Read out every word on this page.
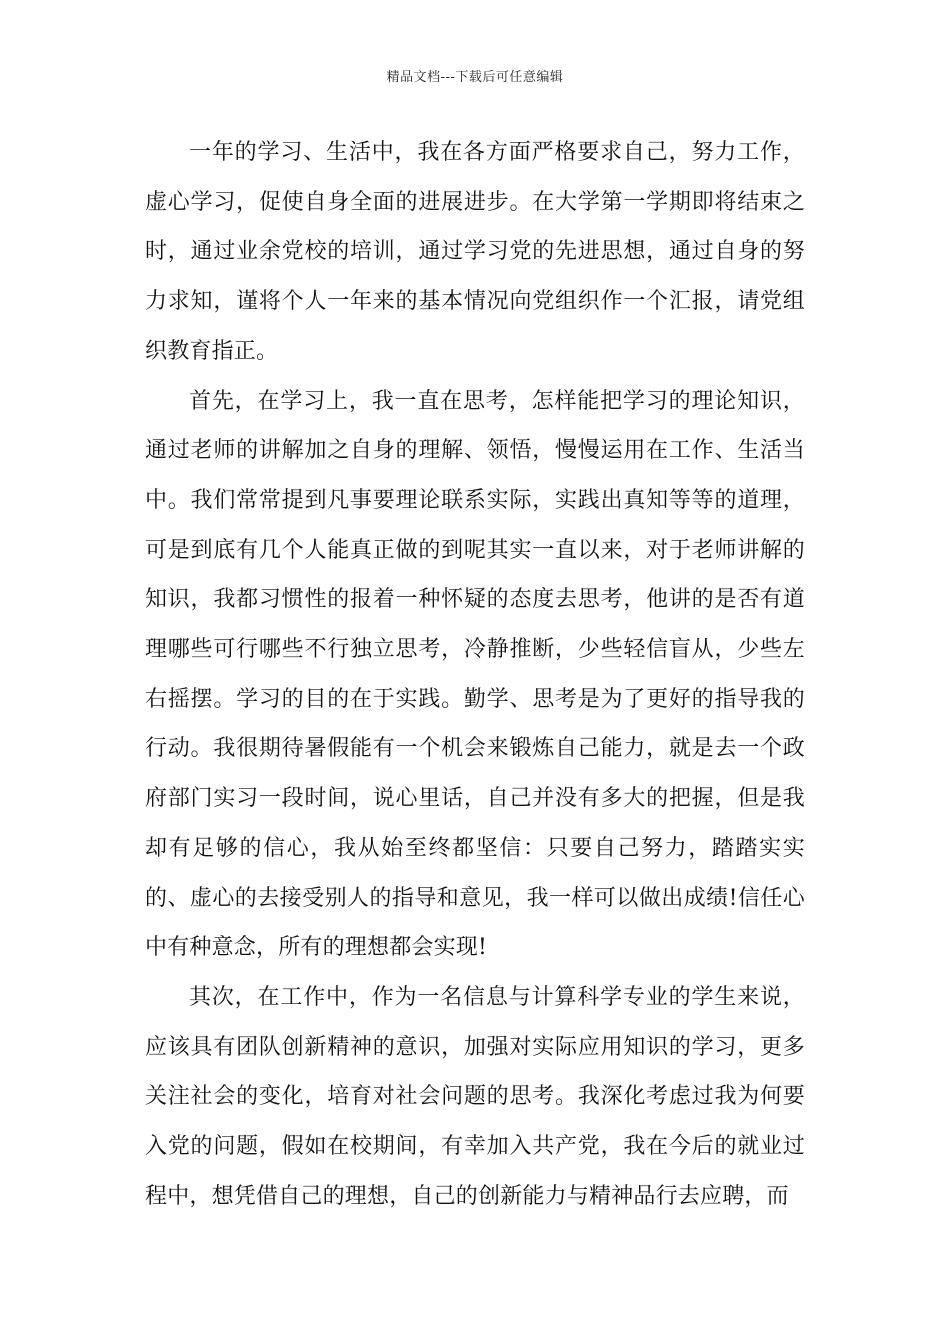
精品文档---下载后可任意编辑

一年的学习、生活中，我在各方面严格要求自己，努力工作，虚心学习，促使自身全面的进展进步。在大学第一学期即将结束之时，通过业余党校的培训，通过学习党的先进思想，通过自身的努力求知，谨将个人一年来的基本情况向党组织作一个汇报，请党组织教育指正。

首先，在学习上，我一直在思考，怎样能把学习的理论知识，通过老师的讲解加之自身的理解、领悟，慢慢运用在工作、生活当中。我们常常提到凡事要理论联系实际，实践出真知等等的道理，可是到底有几个人能真正做的到呢其实一直以来，对于老师讲解的知识，我都习惯性的报着一种怀疑的态度去思考，他讲的是否有道理哪些可行哪些不行独立思考，冷静推断，少些轻信盲从，少些左右摇摆。学习的目的在于实践。勤学、思考是为了更好的指导我的行动。我很期待暑假能有一个机会来锻炼自己能力，就是去一个政府部门实习一段时间，说心里话，自己并没有多大的把握，但是我却有足够的信心，我从始至终都坚信：只要自己努力，踏踏实实的、虚心的去接受别人的指导和意见，我一样可以做出成绩!信任心中有种意念，所有的理想都会实现!

其次，在工作中，作为一名信息与计算科学专业的学生来说，应该具有团队创新精神的意识，加强对实际应用知识的学习，更多关注社会的变化，培育对社会问题的思考。我深化考虑过我为何要入党的问题，假如在校期间，有幸加入共产党，我在今后的就业过程中，想凭借自己的理想，自己的创新能力与精神品行去应聘，而
